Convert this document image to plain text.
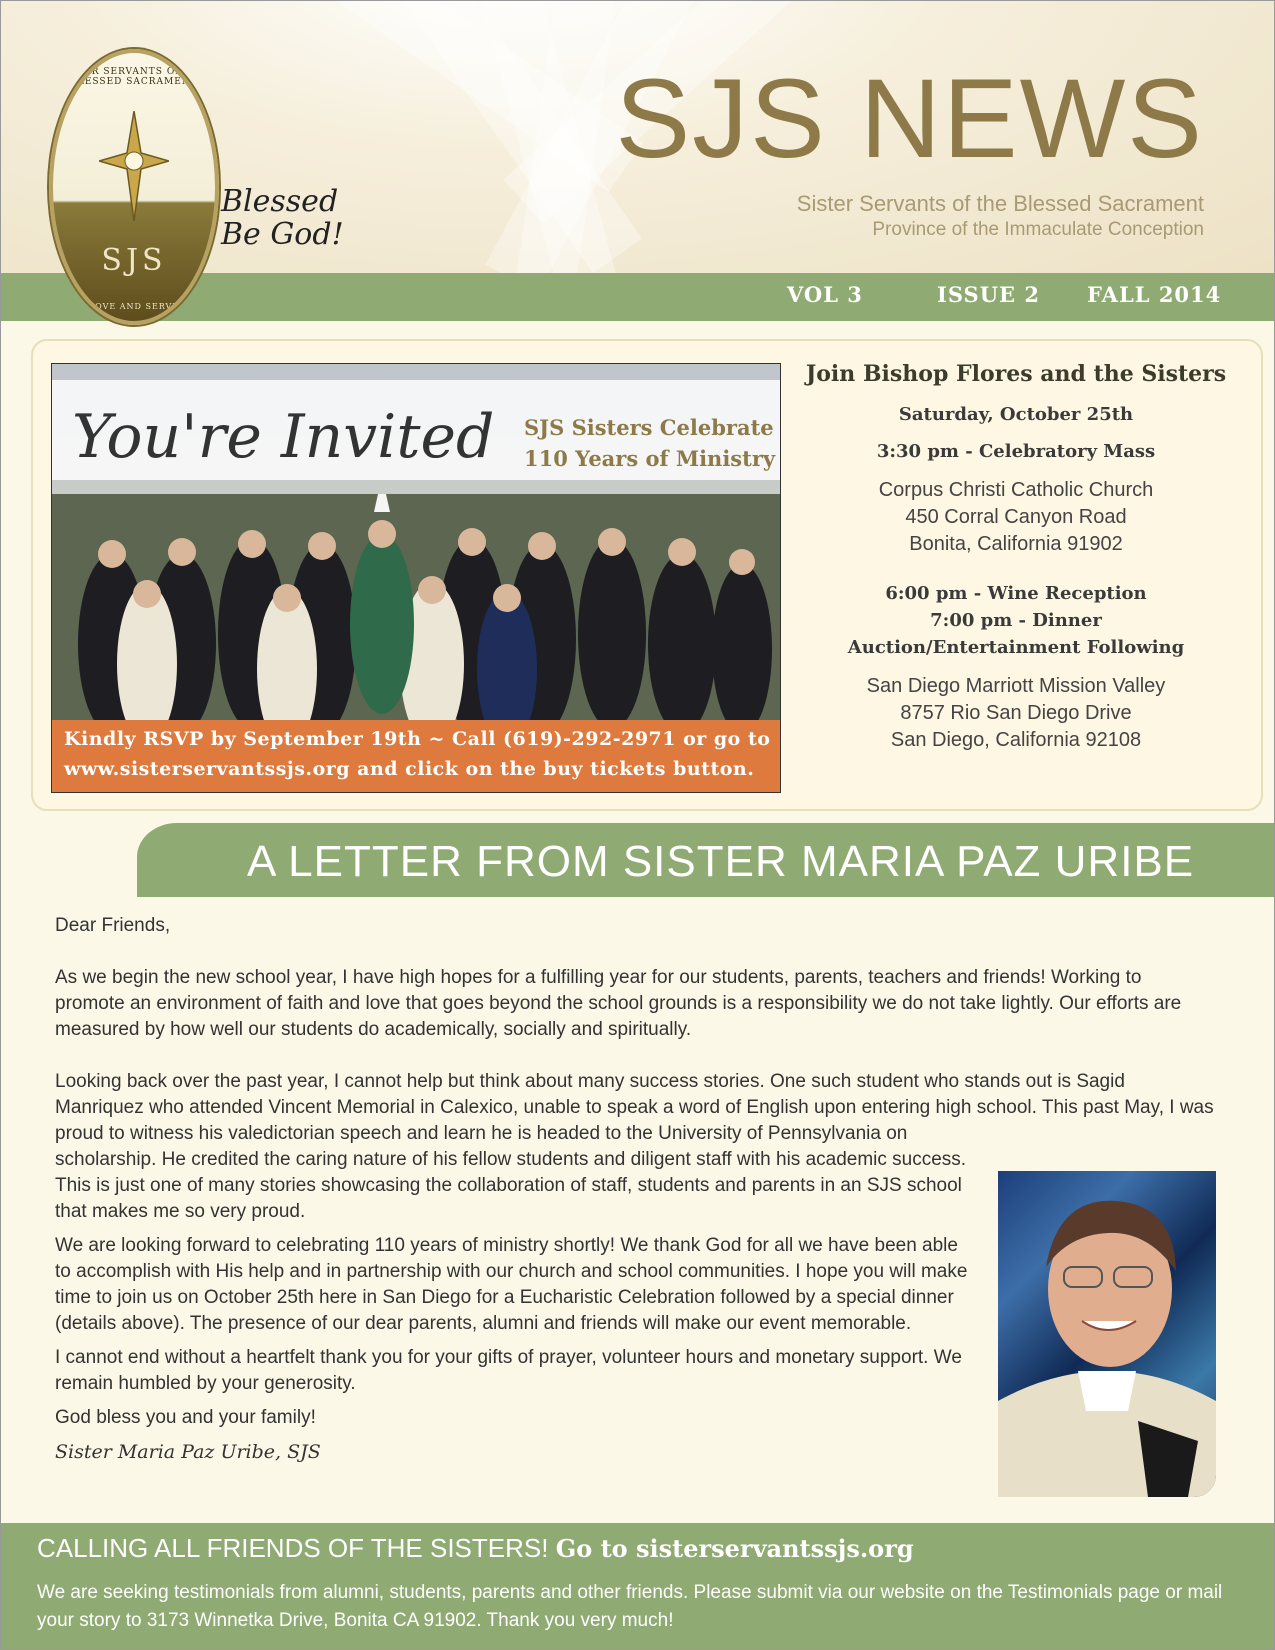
Blessed
Be God!
SJS NEWS
Sister Servants of the Blessed Sacrament
Province of the Immaculate Conception
SISTER SERVANTS OF THE BLESSED SACRAMENT
SJS
LOVE AND SERVE	VOL 3	ISSUE 2 FALL 2014
You're Invited SJS Sisters Celebrate
110 Years of Ministry
Kindly RSVP by September 19th ~ Call (619)-292-2971 or go to
www.sisterservantssjs.org and click on the buy tickets button.
Join Bishop Flores and the Sisters
Saturday, October 25th
3:30 pm - Celebratory Mass
Corpus Christi Catholic Church
450 Corral Canyon Road
Bonita, California 91902
6:00 pm - Wine Reception
7:00 pm - Dinner
Auction/Entertainment Following
San Diego Marriott Mission Valley
8757 Rio San Diego Drive
San Diego, California 92108
A LETTER FROM SISTER MARIA PAZ URIBE

Dear Friends,

As we begin the new school year, I have high hopes for a fulfilling year for our students, parents, teachers and friends! Working to promote an environment of faith and love that goes beyond the school grounds is a responsibility we do not take lightly. Our efforts are measured by how well our students do academically, socially and spiritually.

Looking back over the past year, I cannot help but think about many success stories. One such student who stands out is Sagid Manriquez who attended Vincent Memorial in Calexico, unable to speak a word of English upon entering high school. This past May, I was proud to witness his valedictorian speech and learn he is headed to the University of Pennsylvania on

scholarship. He credited the caring nature of his fellow students and diligent staff with his academic success. This is just one of many stories showcasing the collaboration of staff, students and parents in an SJS school that makes me so very proud.

We are looking forward to celebrating 110 years of ministry shortly! We thank God for all we have been able to accomplish with His help and in partnership with our church and school communities. I hope you will make time to join us on October 25th here in San Diego for a Eucharistic Celebration followed by a special dinner (details above). The presence of our dear parents, alumni and friends will make our event memorable.

I cannot end without a heartfelt thank you for your gifts of prayer, volunteer hours and monetary support. We remain humbled by your generosity.

God bless you and your family!

Sister Maria Paz Uribe, SJS

CALLING ALL FRIENDS OF THE SISTERS! Go to sisterservantssjs.org
We are seeking testimonials from alumni, students, parents and other friends. Please submit via our website on the Testimonials page or mail your story to 3173 Winnetka Drive, Bonita CA 91902. Thank you very much!
